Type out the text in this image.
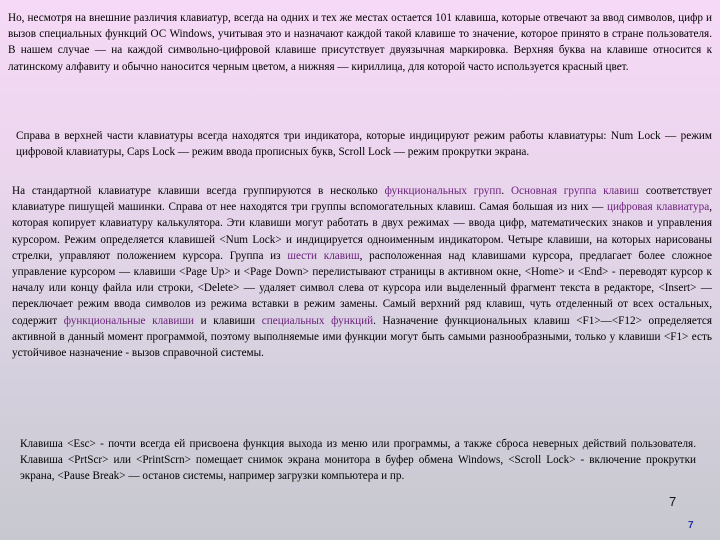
Но, несмотря на внешние различия клавиатур, всегда на одних и тех же местах остается 101 клавиша, которые отвечают за ввод символов, цифр и вызов специальных функций ОС Windows, учитывая это и назначают каждой такой клавише то значение, которое принято в стране пользователя. В нашем случае — на каждой символьно-цифровой клавише присутствует двуязычная маркировка. Верхняя буква на клавише относится к латинскому алфавиту и обычно наносится черным цветом, а нижняя — кириллица, для которой часто используется красный цвет.
Справа в верхней части клавиатуры всегда находятся три индикатора, которые индицируют режим работы клавиатуры: Num Lock — режим цифровой клавиатуры, Caps Lock — режим ввода прописных букв, Scroll Lock — режим прокрутки экрана.
На стандартной клавиатуре клавиши всегда группируются в несколько функциональных групп. Основная группа клавиш соответствует клавиатуре пишущей машинки. Справа от нее находятся три группы вспомогательных клавиш. Самая большая из них — цифровая клавиатура, которая копирует клавиатуру калькулятора. Эти клавиши могут работать в двух режимах — ввода цифр, математических знаков и управления курсором. Режим определяется клавишей <Num Lock> и индицируется одноименным индикатором. Четыре клавиши, на которых нарисованы стрелки, управляют положением курсора. Группа из шести клавиш, расположенная над клавишами курсора, предлагает более сложное управление курсором — клавиши <Page Up> и <Page Down> перелистывают страницы в активном окне, <Home> и <End> - переводят курсор к началу или концу файла или строки, <Delete> — удаляет символ слева от курсора или выделенный фрагмент текста в редакторе, <Insert> — переключает режим ввода символов из режима вставки в режим замены. Самый верхний ряд клавиш, чуть отделенный от всех остальных, содержит функциональные клавиши и клавиши специальных функций. Назначение функциональных клавиш <F1>—<F12> определяется активной в данный момент программой, поэтому выполняемые ими функции могут быть самыми разнообразными, только у клавиши <F1> есть устойчивое назначение - вызов справочной системы.
Клавиша <Esc> - почти всегда ей присвоена функция выхода из меню или программы, а также сброса неверных действий пользователя. Клавиша <PrtScr> или <PrintScrn> помещает снимок экрана монитора в буфер обмена Windows, <Scroll Lock> - включение прокрутки экрана, <Pause Break> — останов системы, например загрузки компьютера и пр.
7
7
